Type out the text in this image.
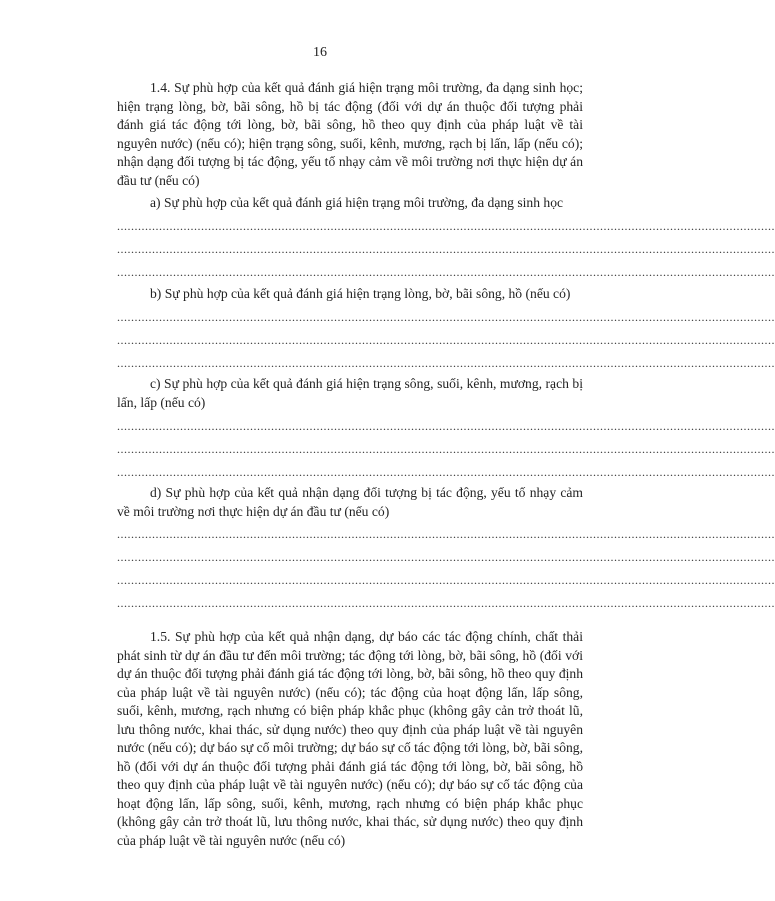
16
1.4. Sự phù hợp của kết quả đánh giá hiện trạng môi trường, đa dạng sinh học; hiện trạng lòng, bờ, bãi sông, hồ bị tác động (đối với dự án thuộc đối tượng phải đánh giá tác động tới lòng, bờ, bãi sông, hồ theo quy định của pháp luật về tài nguyên nước) (nếu có); hiện trạng sông, suối, kênh, mương, rạch bị lấn, lấp (nếu có); nhận dạng đối tượng bị tác động, yếu tố nhạy cảm về môi trường nơi thực hiện dự án đầu tư (nếu có)
a) Sự phù hợp của kết quả đánh giá hiện trạng môi trường, đa dạng sinh học
............................................................................................................................................................................................
............................................................................................................................................................................................
............................................................................................................................................................................................
b) Sự phù hợp của kết quả đánh giá hiện trạng lòng, bờ, bãi sông, hồ (nếu có)
............................................................................................................................................................................................
............................................................................................................................................................................................
............................................................................................................................................................................................
c) Sự phù hợp của kết quả đánh giá hiện trạng sông, suối, kênh, mương, rạch bị lấn, lấp (nếu có)
............................................................................................................................................................................................
............................................................................................................................................................................................
............................................................................................................................................................................................
d) Sự phù hợp của kết quả nhận dạng đối tượng bị tác động, yếu tố nhạy cảm về môi trường nơi thực hiện dự án đầu tư (nếu có)
............................................................................................................................................................................................
............................................................................................................................................................................................
............................................................................................................................................................................................
............................................................................................................................................................................................
1.5. Sự phù hợp của kết quả nhận dạng, dự báo các tác động chính, chất thải phát sinh từ dự án đầu tư đến môi trường; tác động tới lòng, bờ, bãi sông, hồ (đối với dự án thuộc đối tượng phải đánh giá tác động tới lòng, bờ, bãi sông, hồ theo quy định của pháp luật về tài nguyên nước) (nếu có); tác động của hoạt động lấn, lấp sông, suối, kênh, mương, rạch nhưng có biện pháp khắc phục (không gây cản trở thoát lũ, lưu thông nước, khai thác, sử dụng nước) theo quy định của pháp luật về tài nguyên nước (nếu có); dự báo sự cố môi trường; dự báo sự cố tác động tới lòng, bờ, bãi sông, hồ (đối với dự án thuộc đối tượng phải đánh giá tác động tới lòng, bờ, bãi sông, hồ theo quy định của pháp luật về tài nguyên nước) (nếu có); dự báo sự cố tác động của hoạt động lấn, lấp sông, suối, kênh, mương, rạch nhưng có biện pháp khắc phục (không gây cản trở thoát lũ, lưu thông nước, khai thác, sử dụng nước) theo quy định của pháp luật về tài nguyên nước (nếu có)
